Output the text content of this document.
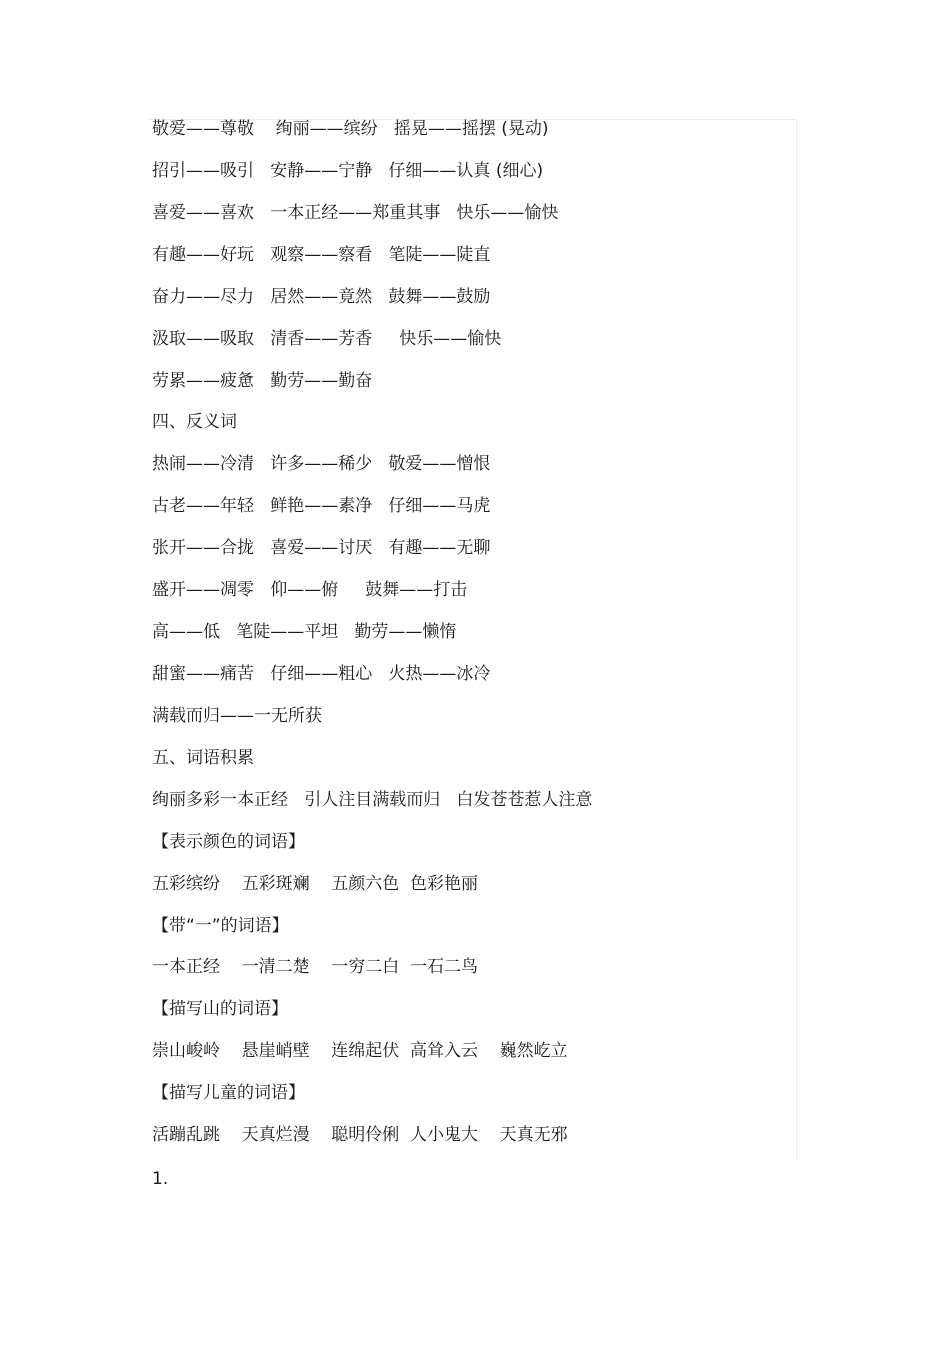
敬爱——尊敬    绚丽——缤纷   摇晃——摇摆 (晃动)
招引——吸引   安静——宁静   仔细——认真 (细心)
喜爱——喜欢   一本正经——郑重其事   快乐——愉快
有趣——好玩   观察——察看   笔陡——陡直
奋力——尽力   居然——竟然   鼓舞——鼓励
汲取——吸取   清香——芳香     快乐——愉快
劳累——疲惫   勤劳——勤奋
四、反义词
热闹——冷清   许多——稀少   敬爱——憎恨
古老——年轻   鲜艳——素净   仔细——马虎
张开——合拢   喜爱——讨厌   有趣——无聊
盛开——凋零   仰——俯     鼓舞——打击
高——低   笔陡——平坦   勤劳——懒惰
甜蜜——痛苦   仔细——粗心   火热——冰冷
满载而归——一无所获
五、词语积累
绚丽多彩一本正经   引人注目满载而归   白发苍苍惹人注意
【表示颜色的词语】
五彩缤纷    五彩斑斓    五颜六色  色彩艳丽
【带“一”的词语】
一本正经    一清二楚    一穷二白  一石二鸟
【描写山的词语】
崇山峻岭    悬崖峭壁    连绵起伏  高耸入云    巍然屹立
【描写儿童的词语】
活蹦乱跳    天真烂漫    聪明伶俐  人小鬼大    天真无邪
1.
